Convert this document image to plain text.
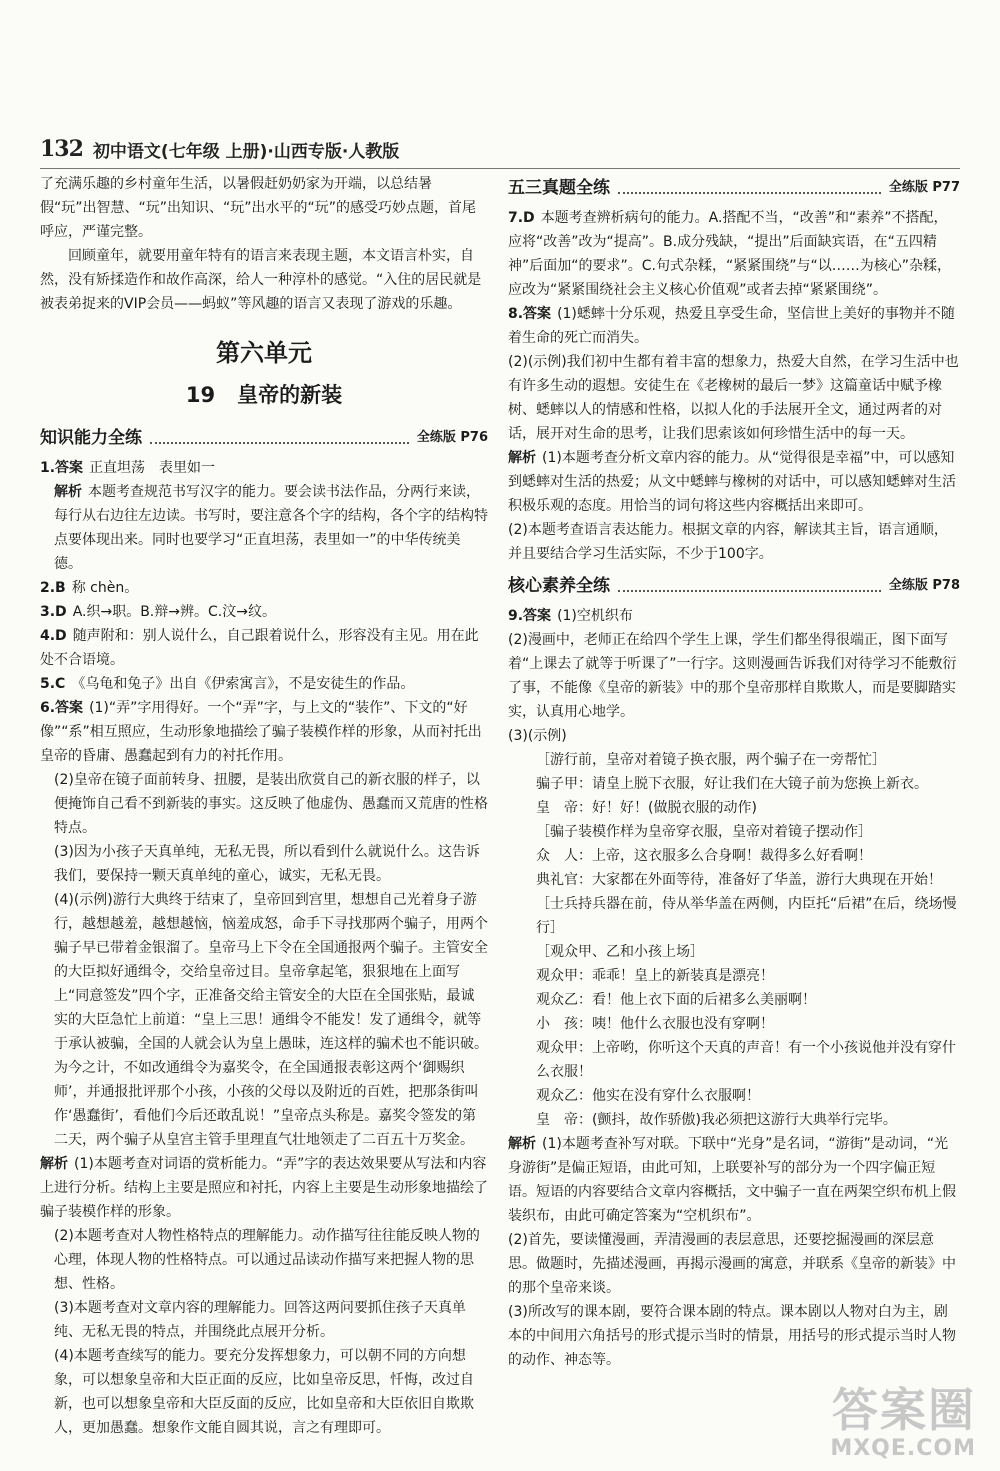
132 初中语文(七年级 上册)·山西专版·人教版

了充满乐趣的乡村童年生活，以暑假赶奶奶家为开端，以总结暑假“玩”出智慧、“玩”出知识、“玩”出水平的“玩”的感受巧妙点题，首尾呼应，严谨完整。

回顾童年，就要用童年特有的语言来表现主题，本文语言朴实，自然，没有矫揉造作和故作高深，给人一种淳朴的感觉。“入住的居民就是被表弟捉来的VIP会员——蚂蚁”等风趣的语言又表现了游戏的乐趣。

第六单元
19 皇帝的新装
知识能力全练	全练版 P76

1.答案 正直坦荡　表里如一

解析 本题考查规范书写汉字的能力。要会读书法作品，分两行来读，每行从右边往左边读。书写时，要注意各个字的结构，各个字的结构特点要体现出来。同时也要学习“正直坦荡，表里如一”的中华传统美德。

2.B 称 chèn。

3.D A.织→职。B.辩→辨。C.汶→纹。

4.D 随声附和：别人说什么，自己跟着说什么，形容没有主见。用在此处不合语境。

5.C 《乌龟和兔子》出自《伊索寓言》，不是安徒生的作品。

6.答案 (1)“弄”字用得好。一个“弄”字，与上文的“装作”、下文的“好像”“系”相互照应，生动形象地描绘了骗子装模作样的形象，从而衬托出皇帝的昏庸、愚蠢起到有力的衬托作用。

(2)皇帝在镜子面前转身、扭腰，是装出欣赏自己的新衣服的样子，以便掩饰自己看不到新装的事实。这反映了他虚伪、愚蠢而又荒唐的性格特点。

(3)因为小孩子天真单纯，无私无畏，所以看到什么就说什么。这告诉我们，要保持一颗天真单纯的童心，诚实，无私无畏。

(4)(示例)游行大典终于结束了，皇帝回到宫里，想想自己光着身子游行，越想越羞，越想越恼，恼羞成怒，命手下寻找那两个骗子，用两个骗子早已带着金银溜了。皇帝马上下令在全国通报两个骗子。主管安全的大臣拟好通缉令，交给皇帝过目。皇帝拿起笔，狠狠地在上面写上“同意签发”四个字，正准备交给主管安全的大臣在全国张贴，最诚实的大臣急忙上前道：“皇上三思！通缉令不能发！发了通缉令，就等于承认被骗，全国的人就会认为皇上愚昧，连这样的骗术也不能识破。为今之计，不如改通缉令为嘉奖令，在全国通报表彰这两个‘御赐织师’，并通报批评那个小孩，小孩的父母以及附近的百姓，把那条街叫作‘愚蠢街’，看他们今后还敢乱说！”皇帝点头称是。嘉奖令签发的第二天，两个骗子从皇宫主管手里理直气壮地领走了二百五十万奖金。

解析 (1)本题考查对词语的赏析能力。“弄”字的表达效果要从写法和内容上进行分析。结构上主要是照应和衬托，内容上主要是生动形象地描绘了骗子装模作样的形象。

(2)本题考查对人物性格特点的理解能力。动作描写往往能反映人物的心理，体现人物的性格特点。可以通过品读动作描写来把握人物的思想、性格。

(3)本题考查对文章内容的理解能力。回答这两问要抓住孩子天真单纯、无私无畏的特点，并围绕此点展开分析。

(4)本题考查续写的能力。要充分发挥想象力，可以朝不同的方向想象，可以想象皇帝和大臣正面的反应，比如皇帝反思，忏悔，改过自新，也可以想象皇帝和大臣反面的反应，比如皇帝和大臣依旧自欺欺人，更加愚蠢。想象作文能自圆其说，言之有理即可。

五三真题全练	全练版 P77

7.D 本题考查辨析病句的能力。A.搭配不当，“改善”和“素养”不搭配，应将“改善”改为“提高”。B.成分残缺，“提出”后面缺宾语，在“五四精神”后面加“的要求”。C.句式杂糅，“紧紧围绕”与“以……为核心”杂糅，应改为“紧紧围绕社会主义核心价值观”或者去掉“紧紧围绕”。

8.答案 (1)蟋蟀十分乐观，热爱且享受生命，坚信世上美好的事物并不随着生命的死亡而消失。

(2)(示例)我们初中生都有着丰富的想象力，热爱大自然，在学习生活中也有许多生动的遐想。安徒生在《老橡树的最后一梦》这篇童话中赋予橡树、蟋蟀以人的情感和性格，以拟人化的手法展开全文，通过两者的对话，展开对生命的思考，让我们思索该如何珍惜生活中的每一天。

解析 (1)本题考查分析文章内容的能力。从“觉得很是幸福”中，可以感知到蟋蟀对生活的热爱；从文中蟋蟀与橡树的对话中，可以感知蟋蟀对生活积极乐观的态度。用恰当的词句将这些内容概括出来即可。

(2)本题考查语言表达能力。根据文章的内容，解读其主旨，语言通顺，并且要结合学习生活实际，不少于100字。

核心素养全练	全练版 P78

9.答案 (1)空机织布

(2)漫画中，老师正在给四个学生上课，学生们都坐得很端正，图下面写着“上课去了就等于听课了”一行字。这则漫画告诉我们对待学习不能敷衍了事，不能像《皇帝的新装》中的那个皇帝那样自欺欺人，而是要脚踏实实，认真用心地学。

(3)(示例)

［游行前，皇帝对着镜子换衣服，两个骗子在一旁帮忙］

骗子甲：请皇上脱下衣服，好让我们在大镜子前为您换上新衣。

皇　帝：好！好！(做脱衣服的动作)

［骗子装模作样为皇帝穿衣服，皇帝对着镜子摆动作］

众　人：上帝，这衣服多么合身啊！裁得多么好看啊！

典礼官：大家都在外面等待，准备好了华盖，游行大典现在开始！

［士兵持兵器在前，侍从举华盖在两侧，内臣托“后裙”在后，绕场慢行］

［观众甲、乙和小孩上场］

观众甲：乖乖！皇上的新装真是漂亮！

观众乙：看！他上衣下面的后裙多么美丽啊！

小　孩：咦！他什么衣服也没有穿啊！

观众甲：上帝哟，你听这个天真的声音！有一个小孩说他并没有穿什么衣服！

观众乙：他实在没有穿什么衣服啊！

皇　帝：(颤抖，故作骄傲)我必须把这游行大典举行完毕。

解析 (1)本题考查补写对联。下联中“光身”是名词，“游街”是动词，“光身游街”是偏正短语，由此可知，上联要补写的部分为一个四字偏正短语。短语的内容要结合文章内容概括，文中骗子一直在两架空织布机上假装织布，由此可确定答案为“空机织布”。

(2)首先，要读懂漫画，弄清漫画的表层意思，还要挖掘漫画的深层意思。做题时，先描述漫画，再揭示漫画的寓意，并联系《皇帝的新装》中的那个皇帝来谈。

(3)所改写的课本剧，要符合课本剧的特点。课本剧以人物对白为主，剧本的中间用六角括号的形式提示当时的情景，用括号的形式提示当时人物的动作、神态等。

答案圈
MXQE.COM
